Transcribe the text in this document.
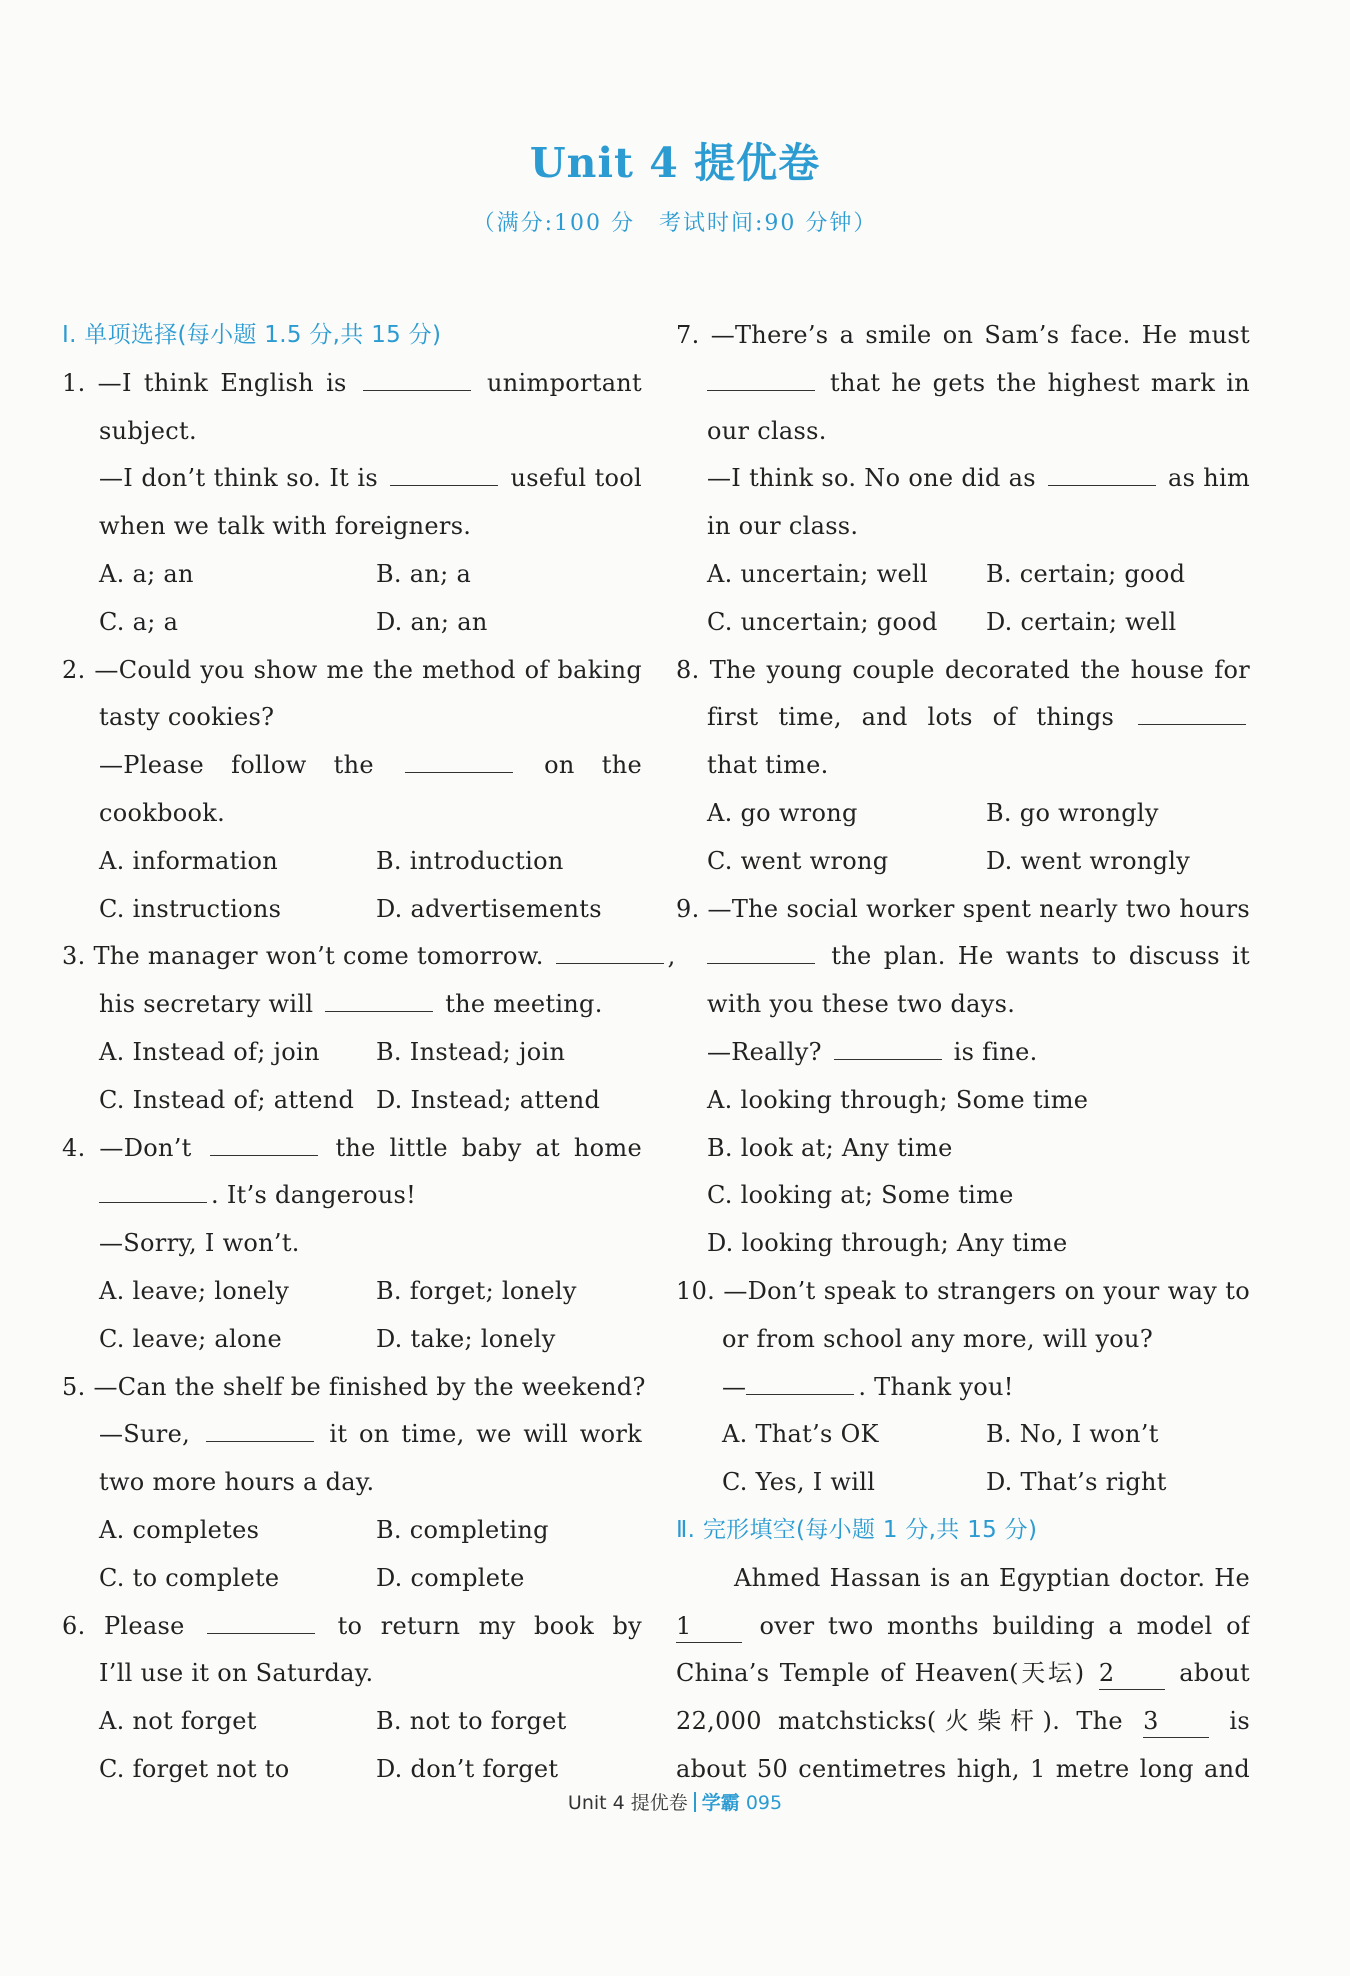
Unit 4 提优卷
（满分:100 分　考试时间:90 分钟）
Ⅰ. 单项选择(每小题 1.5 分,共 15 分)
1. —I think English is	unimportant
subject.
—I don’t think so. It is	useful tool
when we talk with foreigners.
A. a; an	B. an; a
C. a; a	D. an; an
2. —Could you show me the method of baking
tasty cookies?
—Please follow the	on the
cookbook.
A. information	B. introduction
C. instructions	D. advertisements
3. The manager won’t come tomorrow.	,
his secretary will	the meeting.
A. Instead of; join B. Instead; join
C. Instead of; attend D. Instead; attend
4. —Don’t	the little baby at home
. It’s dangerous!
—Sorry, I won’t.
A. leave; lonely	B. forget; lonely
C. leave; alone	D. take; lonely
5. —Can the shelf be finished by the weekend?
—Sure,	it on time, we will work
two more hours a day.
A. completes	B. completing
C. to complete	D. complete
6. Please	to return my book by
I’ll use it on Saturday.
A. not forget	B. not to forget
C. forget not to	D. don’t forget
7. —There’s a smile on Sam’s face. He must
that he gets the highest mark in
our class.
—I think so. No one did as	as him
in our class.
A. uncertain; well B. certain; good
C. uncertain; good D. certain; well
8. The young couple decorated the house for
first time, and lots of things
that time.
A. go wrong	B. go wrongly
C. went wrong	D. went wrongly
9. —The social worker spent nearly two hours
the plan. He wants to discuss it
with you these two days.
—Really?	is fine.
A. looking through; Some time
B. look at; Any time
C. looking at; Some time
D. looking through; Any time
10. —Don’t speak to strangers on your way to
or from school any more, will you?
—	. Thank you!
A. That’s OK	B. No, I won’t
C. Yes, I will	D. That’s right
Ⅱ. 完形填空(每小题 1 分,共 15 分)
Ahmed Hassan is an Egyptian doctor. He
1	over two months building a model of
China’s Temple of Heaven(天坛) 2	about
22,000 matchsticks(火柴杆). The 3	is
about 50 centimetres high, 1 metre long and
Unit 4 提优卷 学霸 095
